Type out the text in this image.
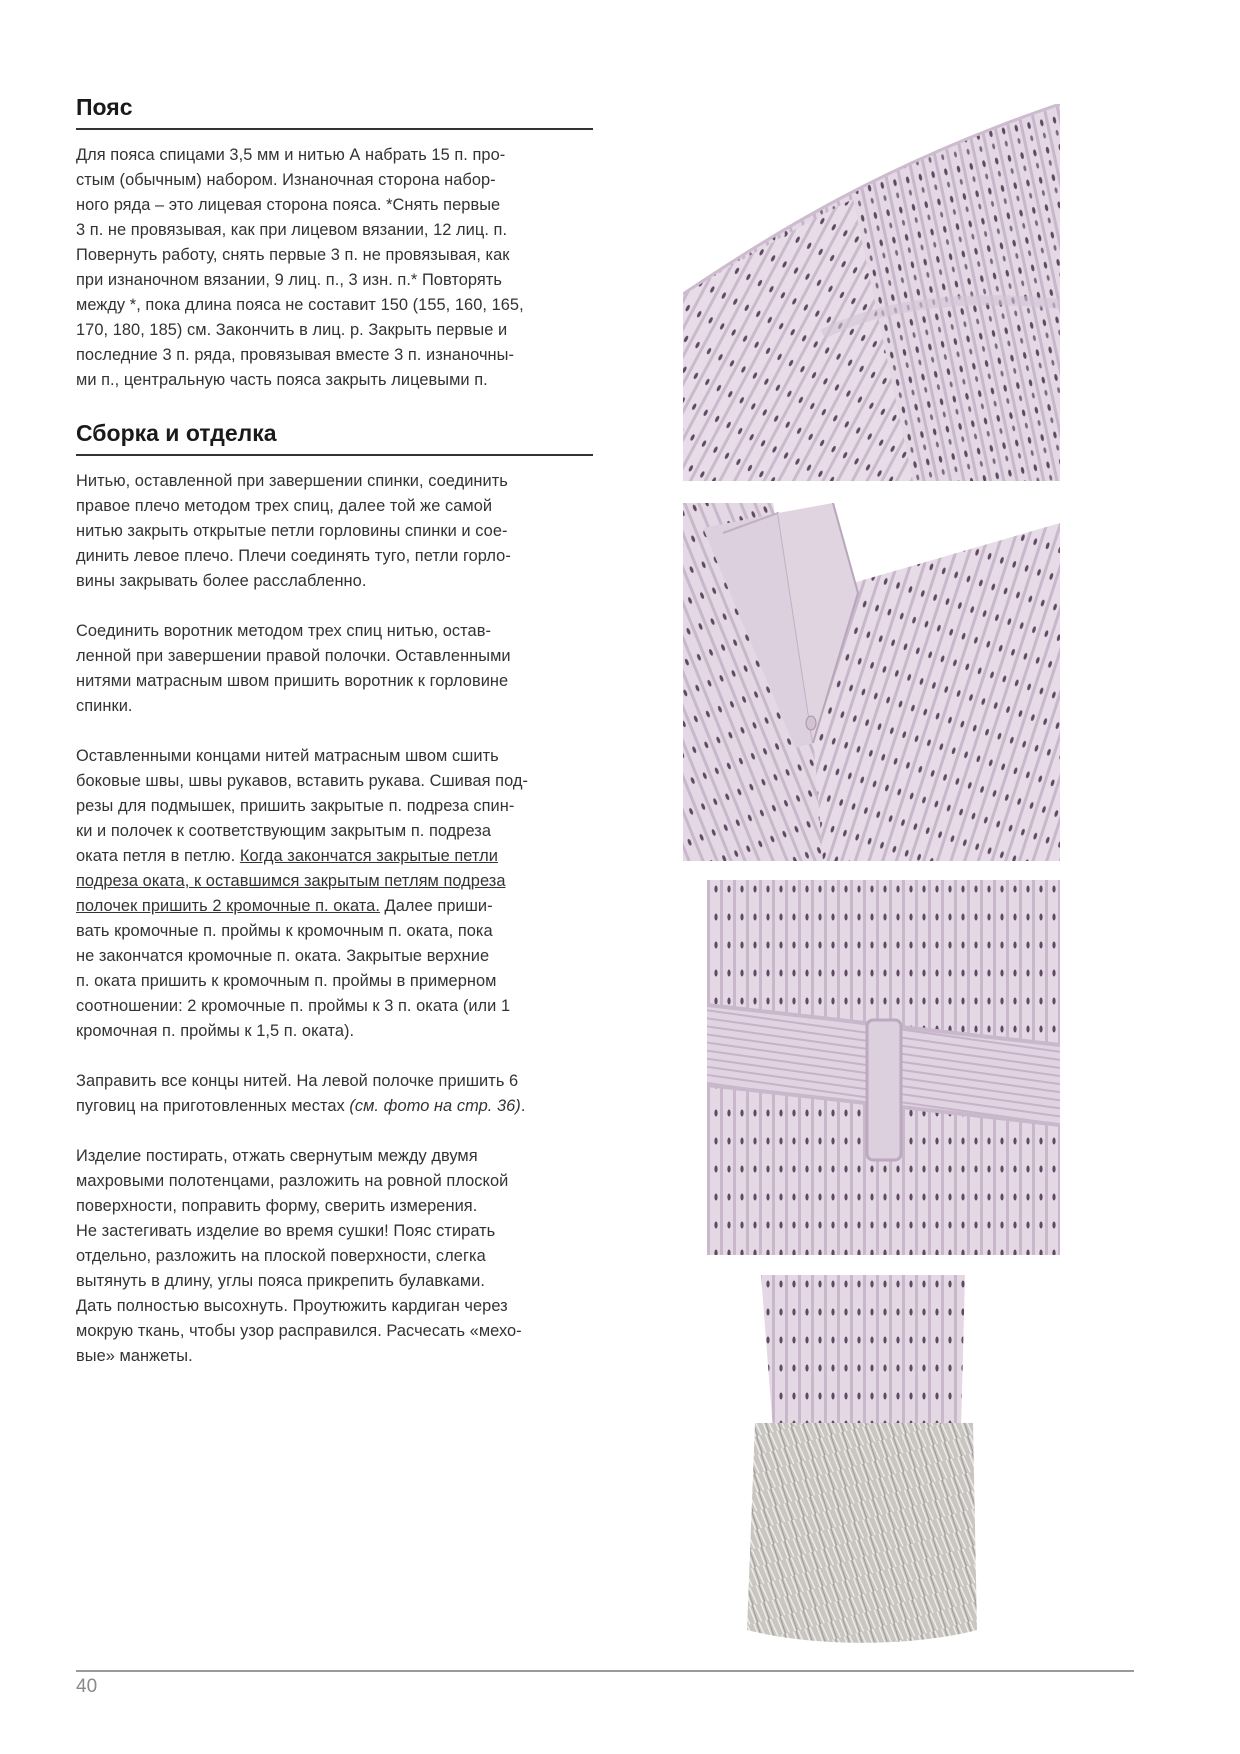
Пояс

Для пояса спицами 3,5 мм и нитью А набрать 15 п. про-
стым (обычным) набором. Изнаночная сторона набор-
ного ряда – это лицевая сторона пояса. *Снять первые
3 п. не провязывая, как при лицевом вязании, 12 лиц. п.
Повернуть работу, снять первые 3 п. не провязывая, как
при изнаночном вязании, 9 лиц. п., 3 изн. п.* Повторять
между *, пока длина пояса не составит 150 (155, 160, 165,
170, 180, 185) см. Закончить в лиц. р. Закрыть первые и
последние 3 п. ряда, провязывая вместе 3 п. изнаночны-
ми п., центральную часть пояса закрыть лицевыми п.

Сборка и отделка

Нитью, оставленной при завершении спинки, соединить
правое плечо методом трех спиц, далее той же самой
нитью закрыть открытые петли горловины спинки и сое-
динить левое плечо. Плечи соединять туго, петли горло-
вины закрывать более расслабленно.

Соединить воротник методом трех спиц нитью, остав-
ленной при завершении правой полочки. Оставленными
нитями матрасным швом пришить воротник к горловине
спинки.

Оставленными концами нитей матрасным швом сшить
боковые швы, швы рукавов, вставить рукава. Сшивая под-
резы для подмышек, пришить закрытые п. подреза спин-
ки и полочек к соответствующим закрытым п. подреза
оката петля в петлю. Когда закончатся закрытые петли
подреза оката, к оставшимся закрытым петлям подреза
полочек пришить 2 кромочные п. оката. Далее приши-
вать кромочные п. проймы к кромочным п. оката, пока
не закончатся кромочные п. оката. Закрытые верхние
п. оката пришить к кромочным п. проймы в примерном
соотношении: 2 кромочные п. проймы к 3 п. оката (или 1
кромочная п. проймы к 1,5 п. оката).

Заправить все концы нитей. На левой полочке пришить 6
пуговиц на приготовленных местах (см. фото на стр. 36).

Изделие постирать, отжать свернутым между двумя
махровыми полотенцами, разложить на ровной плоской
поверхности, поправить форму, сверить измерения.
Не застегивать изделие во время сушки! Пояс стирать
отдельно, разложить на плоской поверхности, слегка
вытянуть в длину, углы пояса прикрепить булавками.
Дать полностью высохнуть. Проутюжить кардиган через
мокрую ткань, чтобы узор расправился. Расчесать «мехо-
вые» манжеты.

40
